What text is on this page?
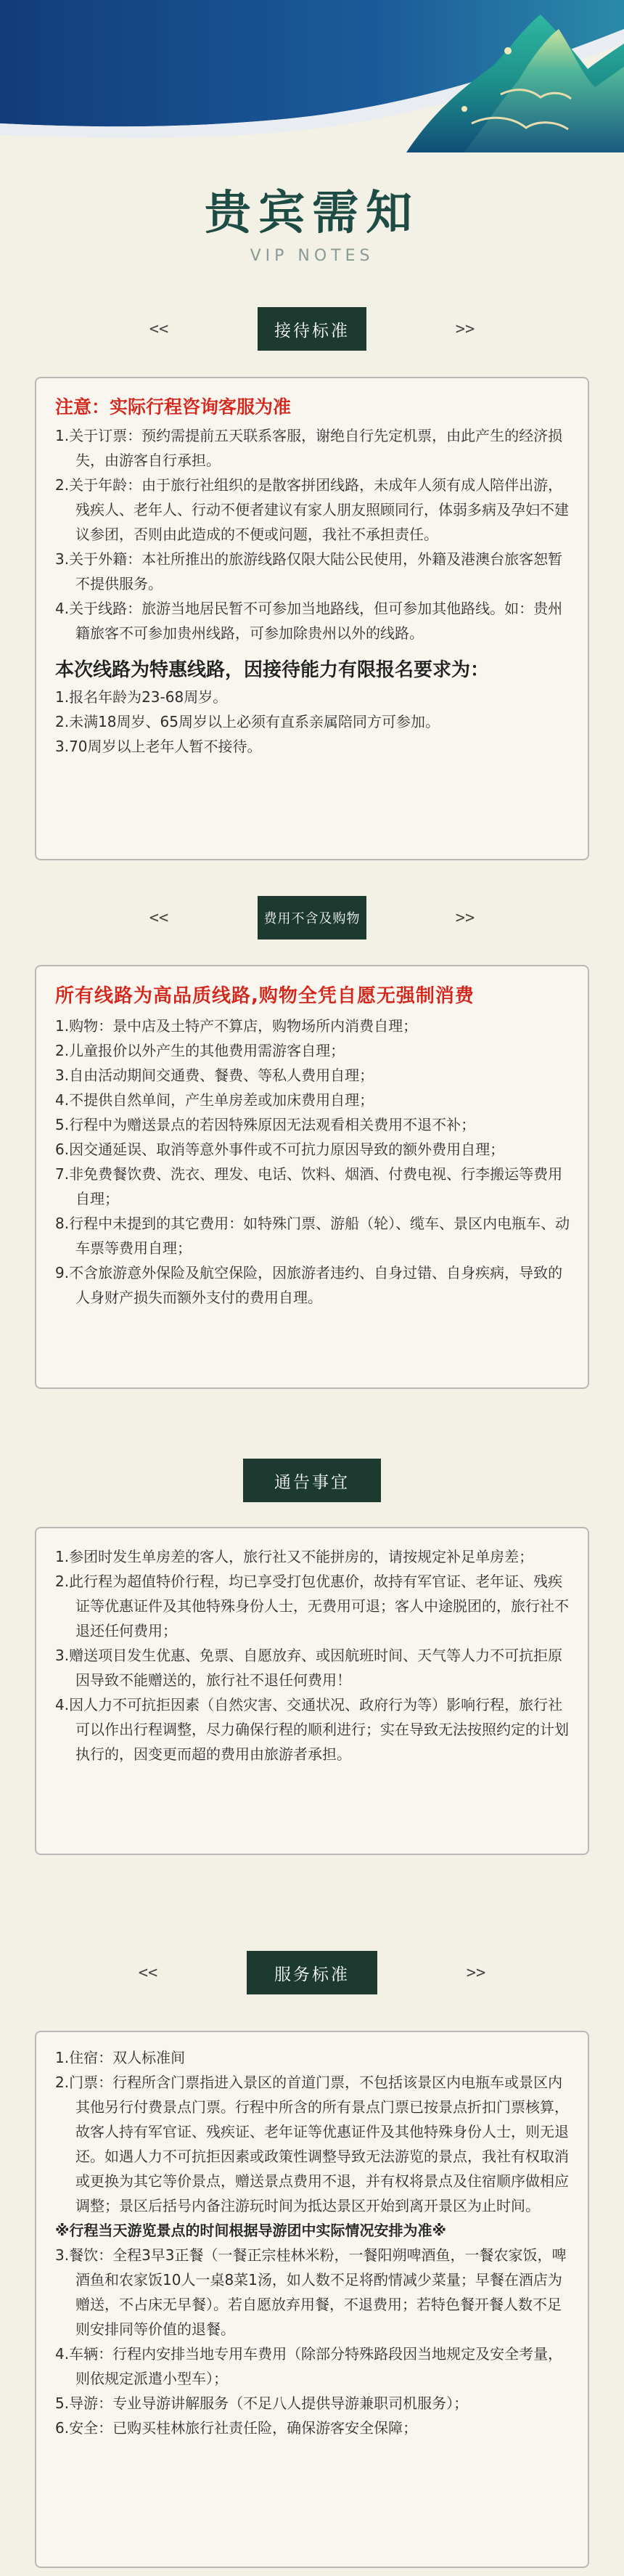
贵宾需知
VIP NOTES
<<	接待标准	>>
注意：实际行程咨询客服为准
1.关于订票：预约需提前五天联系客服，谢绝自行先定机票，由此产生的经济损失，由游客自行承担。
2.关于年龄：由于旅行社组织的是散客拼团线路，未成年人须有成人陪伴出游，残疾人、老年人、行动不便者建议有家人朋友照顾同行，体弱多病及孕妇不建议参团，否则由此造成的不便或问题，我社不承担责任。
3.关于外籍：本社所推出的旅游线路仅限大陆公民使用，外籍及港澳台旅客恕暂不提供服务。
4.关于线路：旅游当地居民暂不可参加当地路线，但可参加其他路线。如：贵州籍旅客不可参加贵州线路，可参加除贵州以外的线路。
本次线路为特惠线路，因接待能力有限报名要求为：
1.报名年龄为23-68周岁。
2.未满18周岁、65周岁以上必须有直系亲属陪同方可参加。
3.70周岁以上老年人暂不接待。
<<	费用不含及购物	>>
所有线路为高品质线路,购物全凭自愿无强制消费
1.购物：景中店及土特产不算店，购物场所内消费自理；
2.儿童报价以外产生的其他费用需游客自理；
3.自由活动期间交通费、餐费、等私人费用自理；
4.不提供自然单间，产生单房差或加床费用自理；
5.行程中为赠送景点的若因特殊原因无法观看相关费用不退不补；
6.因交通延误、取消等意外事件或不可抗力原因导致的额外费用自理；
7.非免费餐饮费、洗衣、理发、电话、饮料、烟酒、付费电视、行李搬运等费用自理；
8.行程中未提到的其它费用：如特殊门票、游船（轮）、缆车、景区内电瓶车、动车票等费用自理；
9.不含旅游意外保险及航空保险，因旅游者违约、自身过错、自身疾病，导致的人身财产损失而额外支付的费用自理。
通告事宜
1.参团时发生单房差的客人，旅行社又不能拼房的，请按规定补足单房差；
2.此行程为超值特价行程，均已享受打包优惠价，故持有军官证、老年证、残疾证等优惠证件及其他特殊身份人士，无费用可退；客人中途脱团的，旅行社不退还任何费用；
3.赠送项目发生优惠、免票、自愿放弃、或因航班时间、天气等人力不可抗拒原因导致不能赠送的，旅行社不退任何费用！
4.因人力不可抗拒因素（自然灾害、交通状况、政府行为等）影响行程，旅行社可以作出行程调整，尽力确保行程的顺利进行；实在导致无法按照约定的计划执行的，因变更而超的费用由旅游者承担。
<<	服务标准	>>
1.住宿：双人标准间
2.门票：行程所含门票指进入景区的首道门票，不包括该景区内电瓶车或景区内其他另行付费景点门票。行程中所含的所有景点门票已按景点折扣门票核算，故客人持有军官证、残疾证、老年证等优惠证件及其他特殊身份人士，则无退还。如遇人力不可抗拒因素或政策性调整导致无法游览的景点，我社有权取消或更换为其它等价景点，赠送景点费用不退，并有权将景点及住宿顺序做相应调整；景区后括号内备注游玩时间为抵达景区开始到离开景区为止时间。
※行程当天游览景点的时间根据导游团中实际情况安排为准※
3.餐饮：全程3早3正餐（一餐正宗桂林米粉，一餐阳朔啤酒鱼，一餐农家饭，啤酒鱼和农家饭10人一桌8菜1汤，如人数不足将酌情减少菜量；早餐在酒店为赠送，不占床无早餐）。若自愿放弃用餐，不退费用；若特色餐开餐人数不足则安排同等价值的退餐。
4.车辆：行程内安排当地专用车费用（除部分特殊路段因当地规定及安全考量，则依规定派遣小型车）；
5.导游：专业导游讲解服务（不足八人提供导游兼职司机服务）；
6.安全：已购买桂林旅行社责任险，确保游客安全保障；
